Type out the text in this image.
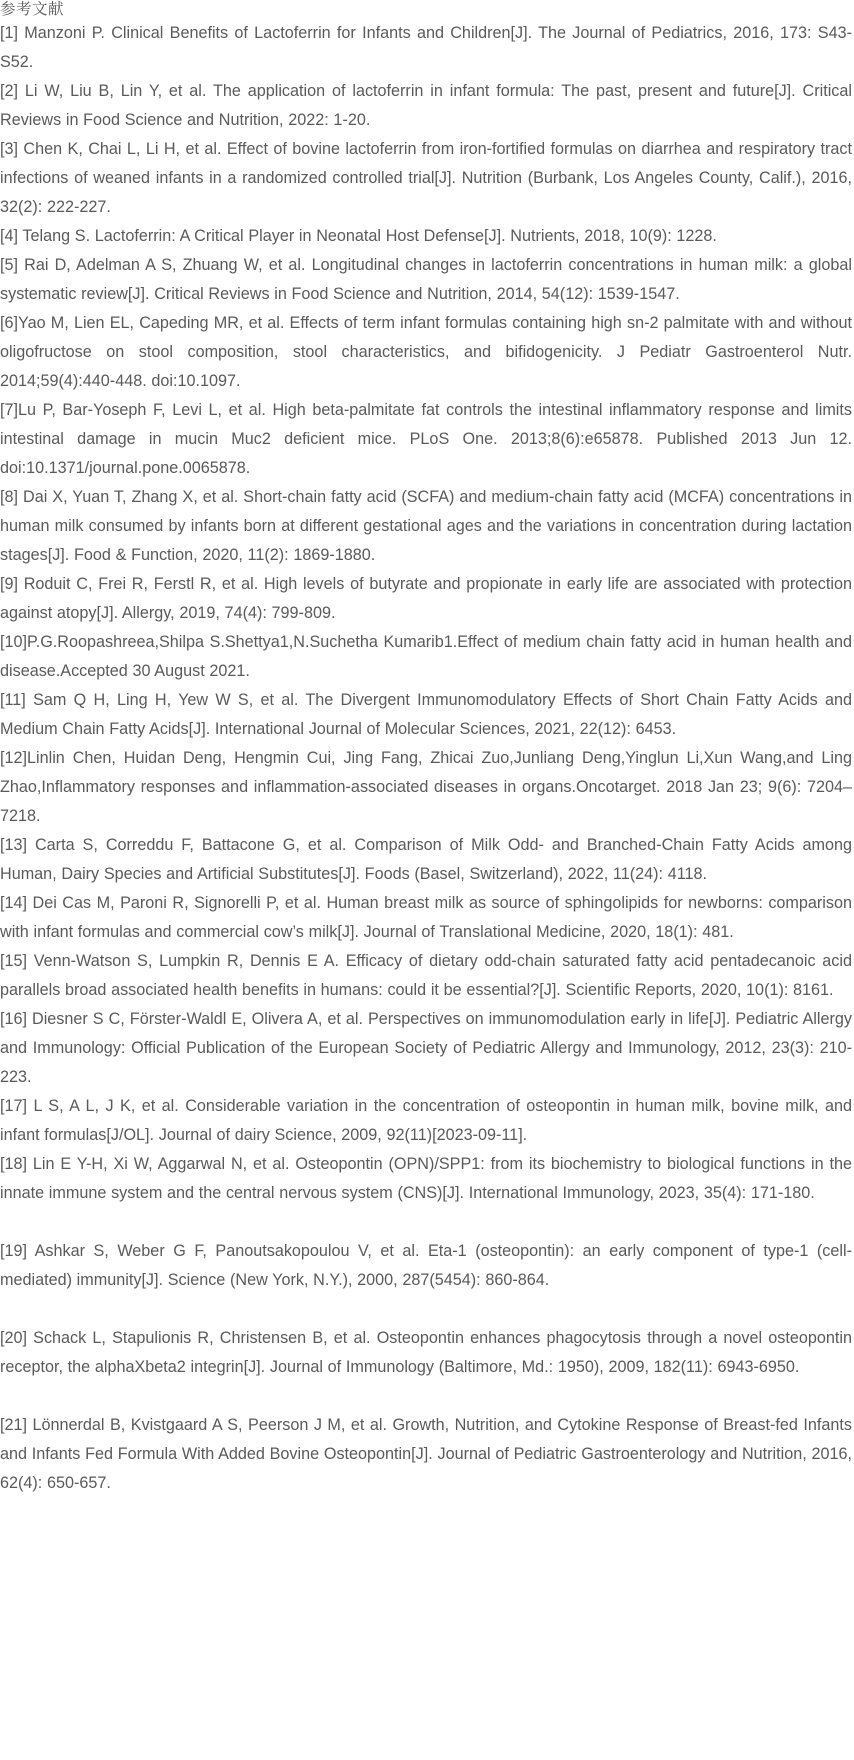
参考文献

[1] Manzoni P. Clinical Benefits of Lactoferrin for Infants and Children[J]. The Journal of Pediatrics, 2016, 173: S43-S52.

[2] Li W, Liu B, Lin Y, et al. The application of lactoferrin in infant formula: The past, present and future[J]. Critical Reviews in Food Science and Nutrition, 2022: 1-20.

[3] Chen K, Chai L, Li H, et al. Effect of bovine lactoferrin from iron-fortified formulas on diarrhea and respiratory tract infections of weaned infants in a randomized controlled trial[J]. Nutrition (Burbank, Los Angeles County, Calif.), 2016, 32(2): 222-227.

[4] Telang S. Lactoferrin: A Critical Player in Neonatal Host Defense[J]. Nutrients, 2018, 10(9): 1228.

[5] Rai D, Adelman A S, Zhuang W, et al. Longitudinal changes in lactoferrin concentrations in human milk: a global systematic review[J]. Critical Reviews in Food Science and Nutrition, 2014, 54(12): 1539-1547.

[6]Yao M, Lien EL, Capeding MR, et al. Effects of term infant formulas containing high sn-2 palmitate with and without oligofructose on stool composition, stool characteristics, and bifidogenicity. J Pediatr Gastroenterol Nutr. 2014;59(4):440-448. doi:10.1097.

[7]Lu P, Bar-Yoseph F, Levi L, et al. High beta-palmitate fat controls the intestinal inflammatory response and limits intestinal damage in mucin Muc2 deficient mice. PLoS One. 2013;8(6):e65878. Published 2013 Jun 12. doi:10.1371/journal.pone.0065878.

[8] Dai X, Yuan T, Zhang X, et al. Short-chain fatty acid (SCFA) and medium-chain fatty acid (MCFA) concentrations in human milk consumed by infants born at different gestational ages and the variations in concentration during lactation stages[J]. Food & Function, 2020, 11(2): 1869-1880.

[9] Roduit C, Frei R, Ferstl R, et al. High levels of butyrate and propionate in early life are associated with protection against atopy[J]. Allergy, 2019, 74(4): 799-809.

[10]P.G.Roopashreea,Shilpa S.Shettya1,N.Suchetha Kumarib1.Effect of medium chain fatty acid in human health and disease.Accepted 30 August 2021.

[11] Sam Q H, Ling H, Yew W S, et al. The Divergent Immunomodulatory Effects of Short Chain Fatty Acids and Medium Chain Fatty Acids[J]. International Journal of Molecular Sciences, 2021, 22(12): 6453.

[12]Linlin Chen, Huidan Deng, Hengmin Cui, Jing Fang, Zhicai Zuo,Junliang Deng,Yinglun Li,Xun Wang,and Ling Zhao,Inflammatory responses and inflammation-associated diseases in organs.Oncotarget. 2018 Jan 23; 9(6): 7204–7218.

[13] Carta S, Correddu F, Battacone G, et al. Comparison of Milk Odd- and Branched-Chain Fatty Acids among Human, Dairy Species and Artificial Substitutes[J]. Foods (Basel, Switzerland), 2022, 11(24): 4118.

[14] Dei Cas M, Paroni R, Signorelli P, et al. Human breast milk as source of sphingolipids for newborns: comparison with infant formulas and commercial cow’s milk[J]. Journal of Translational Medicine, 2020, 18(1): 481.

[15] Venn-Watson S, Lumpkin R, Dennis E A. Efficacy of dietary odd-chain saturated fatty acid pentadecanoic acid parallels broad associated health benefits in humans: could it be essential?[J]. Scientific Reports, 2020, 10(1): 8161.

[16] Diesner S C, Förster-Waldl E, Olivera A, et al. Perspectives on immunomodulation early in life[J]. Pediatric Allergy and Immunology: Official Publication of the European Society of Pediatric Allergy and Immunology, 2012, 23(3): 210-223.

[17] L S, A L, J K, et al. Considerable variation in the concentration of osteopontin in human milk, bovine milk, and infant formulas[J/OL]. Journal of dairy Science, 2009, 92(11)[2023-09-11].

[18] Lin E Y-H, Xi W, Aggarwal N, et al. Osteopontin (OPN)/SPP1: from its biochemistry to biological functions in the innate immune system and the central nervous system (CNS)[J]. International Immunology, 2023, 35(4): 171-180.

[19] Ashkar S, Weber G F, Panoutsakopoulou V, et al. Eta-1 (osteopontin): an early component of type-1 (cell-mediated) immunity[J]. Science (New York, N.Y.), 2000, 287(5454): 860-864.

[20] Schack L, Stapulionis R, Christensen B, et al. Osteopontin enhances phagocytosis through a novel osteopontin receptor, the alphaXbeta2 integrin[J]. Journal of Immunology (Baltimore, Md.: 1950), 2009, 182(11): 6943-6950.

[21] Lönnerdal B, Kvistgaard A S, Peerson J M, et al. Growth, Nutrition, and Cytokine Response of Breast-fed Infants and Infants Fed Formula With Added Bovine Osteopontin[J]. Journal of Pediatric Gastroenterology and Nutrition, 2016, 62(4): 650-657.
